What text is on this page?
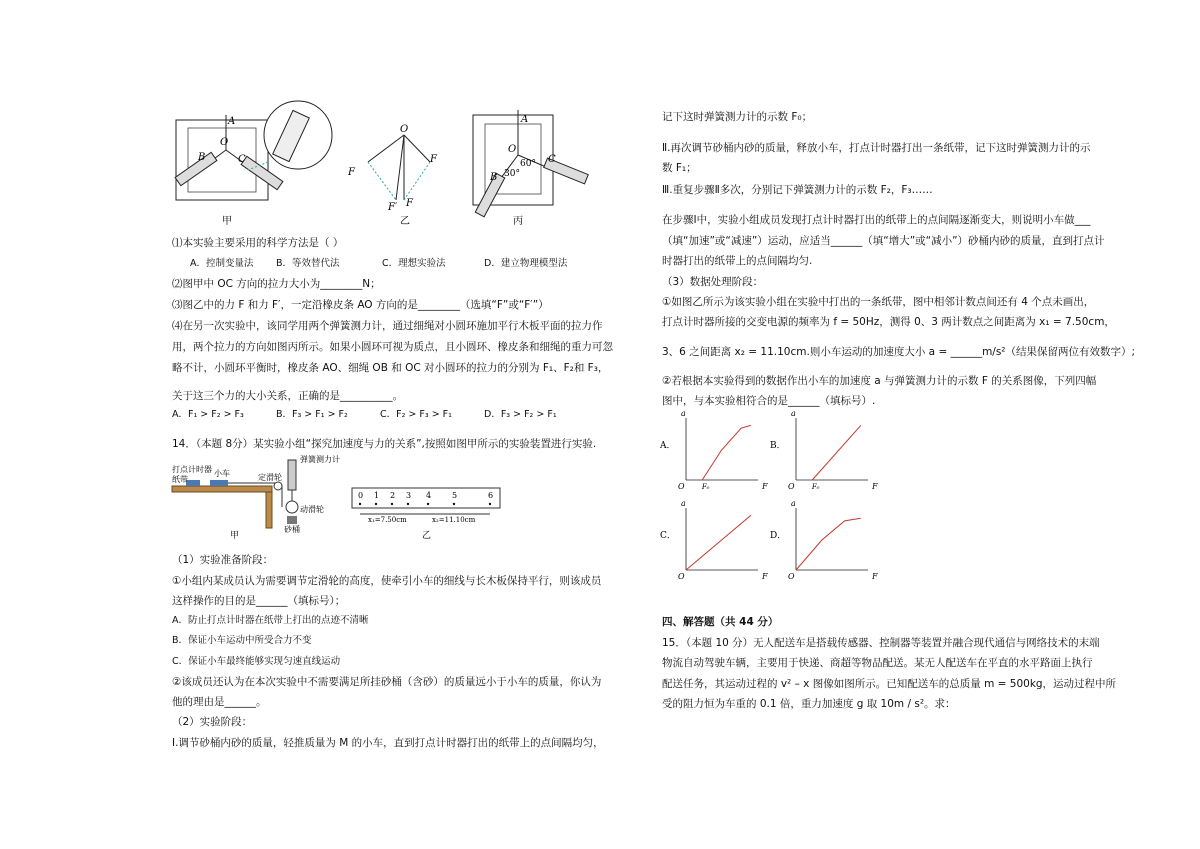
A
B
O
C
甲
O
F
F
F′ F
乙
A
O
C
B
60°
30°
丙
⑴本实验主要采用的科学方法是（ ）
A．控制变量法 B．等效替代法	C．理想实验法	D．建立物理模型法
⑵图甲中 OC 方向的拉力大小为________N；
⑶图乙中的力 F 和力 F′，一定沿橡皮条 AO 方向的是________（选填“F”或“F′”）
⑷在另一次实验中，该同学用两个弹簧测力计，通过细绳对小圆环施加平行木板平面的拉力作
用，两个拉力的方向如图丙所示。如果小圆环可视为质点，且小圆环、橡皮条和细绳的重力可忽
略不计，小圆环平衡时，橡皮条 AO、细绳 OB 和 OC 对小圆环的拉力的分别为 F₁、F₂和 F₃，
关于这三个力的大小关系，正确的是__________。
A．F₁ > F₂ > F₃	B．F₃ > F₁ > F₂	C．F₂ > F₃ > F₁	D．F₃ > F₂ > F₁
14．（本题 8分）某实验小组“探究加速度与力的关系”,按照如图甲所示的实验装置进行实验.
打点计时器
纸带
小车	定滑轮
弹簧测力计
动滑轮
砂桶
甲
0 1 2 3 4	5	6
x₁=7.50cm	x₂=11.10cm
乙
（1）实验准备阶段：
①小组内某成员认为需要调节定滑轮的高度，使牵引小车的细线与长木板保持平行，则该成员
这样操作的目的是______（填标号）；
A．防止打点计时器在纸带上打出的点迹不清晰
B．保证小车运动中所受合力不变
C．保证小车最终能够实现匀速直线运动
②该成员还认为在本次实验中不需要满足所挂砂桶（含砂）的质量远小于小车的质量，你认为
他的理由是______。
（2）实验阶段：
Ⅰ.调节砂桶内砂的质量，轻推质量为 M 的小车，直到打点计时器打出的纸带上的点间隔均匀，
记下这时弹簧测力计的示数 F₀；
Ⅱ.再次调节砂桶内砂的质量，释放小车，打点计时器打出一条纸带，记下这时弹簧测力计的示
数 F₁；
Ⅲ.重复步骤Ⅱ多次，分别记下弹簧测力计的示数 F₂，F₃……
在步骤Ⅰ中，实验小组成员发现打点计时器打出的纸带上的点间隔逐渐变大，则说明小车做___
（填“加速”或“减速”）运动，应适当______（填“增大”或“减小”）砂桶内砂的质量，直到打点计
时器打出的纸带上的点间隔均匀.
（3）数据处理阶段：
①如图乙所示为该实验小组在实验中打出的一条纸带，图中相邻计数点间还有 4 个点未画出，
打点计时器所接的交变电源的频率为 f = 50Hz，测得 0、3 两计数点之间距离为 x₁ = 7.50cm，
3、6 之间距离 x₂ = 11.10cm.则小车运动的加速度大小 a = ______m/s²（结果保留两位有效数字）;
②若根据本实验得到的数据作出小车的加速度 a 与弹簧测力计的示数 F 的关系图像，下列四幅
图中，与本实验相符合的是______（填标号）.
A．
a
F
O F₀
B．
a
F
O F₀
C．
a
F
O
D．
a
F
O
四、解答题（共 44 分）
15．（本题 10 分）无人配送车是搭载传感器、控制器等装置并融合现代通信与网络技术的末端
物流自动驾驶车辆，主要用于快递、商超等物品配送。某无人配送车在平直的水平路面上执行
配送任务，其运动过程的 v² – x 图像如图所示。已知配送车的总质量 m = 500kg，运动过程中所
受的阻力恒为车重的 0.1 倍，重力加速度 g 取 10m / s²。求：
